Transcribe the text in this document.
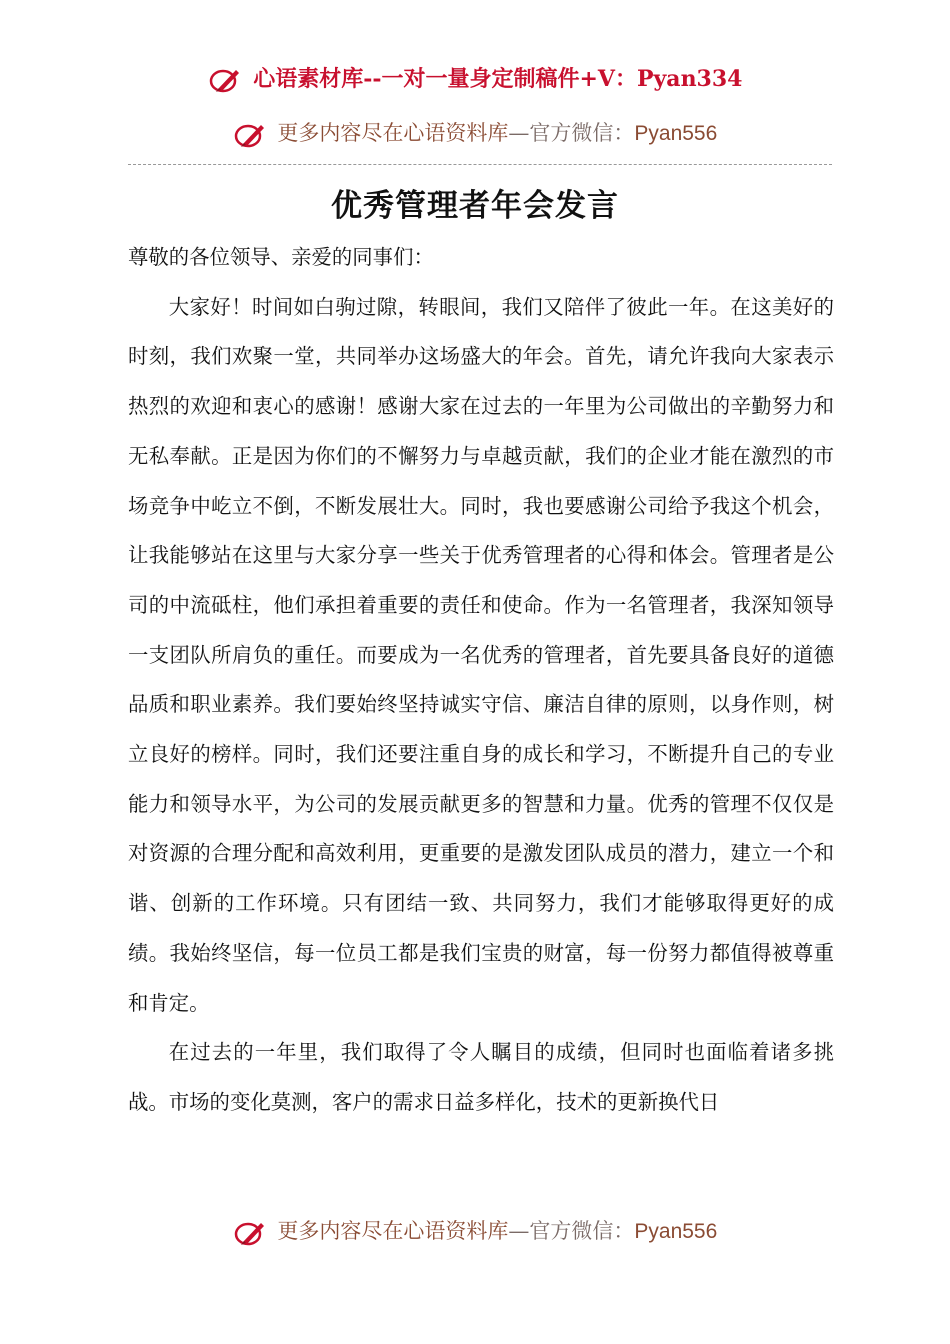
心语素材库--一对一量身定制稿件+V：Pyan334
更多内容尽在心语资料库—官方微信：Pyan556
优秀管理者年会发言

尊敬的各位领导、亲爱的同事们：

大家好！时间如白驹过隙，转眼间，我们又陪伴了彼此一年。在这美好的时刻，我们欢聚一堂，共同举办这场盛大的年会。首先，请允许我向大家表示热烈的欢迎和衷心的感谢！感谢大家在过去的一年里为公司做出的辛勤努力和无私奉献。正是因为你们的不懈努力与卓越贡献，我们的企业才能在激烈的市场竞争中屹立不倒，不断发展壮大。同时，我也要感谢公司给予我这个机会，让我能够站在这里与大家分享一些关于优秀管理者的心得和体会。管理者是公司的中流砥柱，他们承担着重要的责任和使命。作为一名管理者，我深知领导一支团队所肩负的重任。而要成为一名优秀的管理者，首先要具备良好的道德品质和职业素养。我们要始终坚持诚实守信、廉洁自律的原则，以身作则，树立良好的榜样。同时，我们还要注重自身的成长和学习，不断提升自己的专业能力和领导水平，为公司的发展贡献更多的智慧和力量。优秀的管理不仅仅是对资源的合理分配和高效利用，更重要的是激发团队成员的潜力，建立一个和谐、创新的工作环境。只有团结一致、共同努力，我们才能够取得更好的成绩。我始终坚信，每一位员工都是我们宝贵的财富，每一份努力都值得被尊重和肯定。

在过去的一年里，我们取得了令人瞩目的成绩，但同时也面临着诸多挑战。市场的变化莫测，客户的需求日益多样化，技术的更新换代日

更多内容尽在心语资料库—官方微信：Pyan556
